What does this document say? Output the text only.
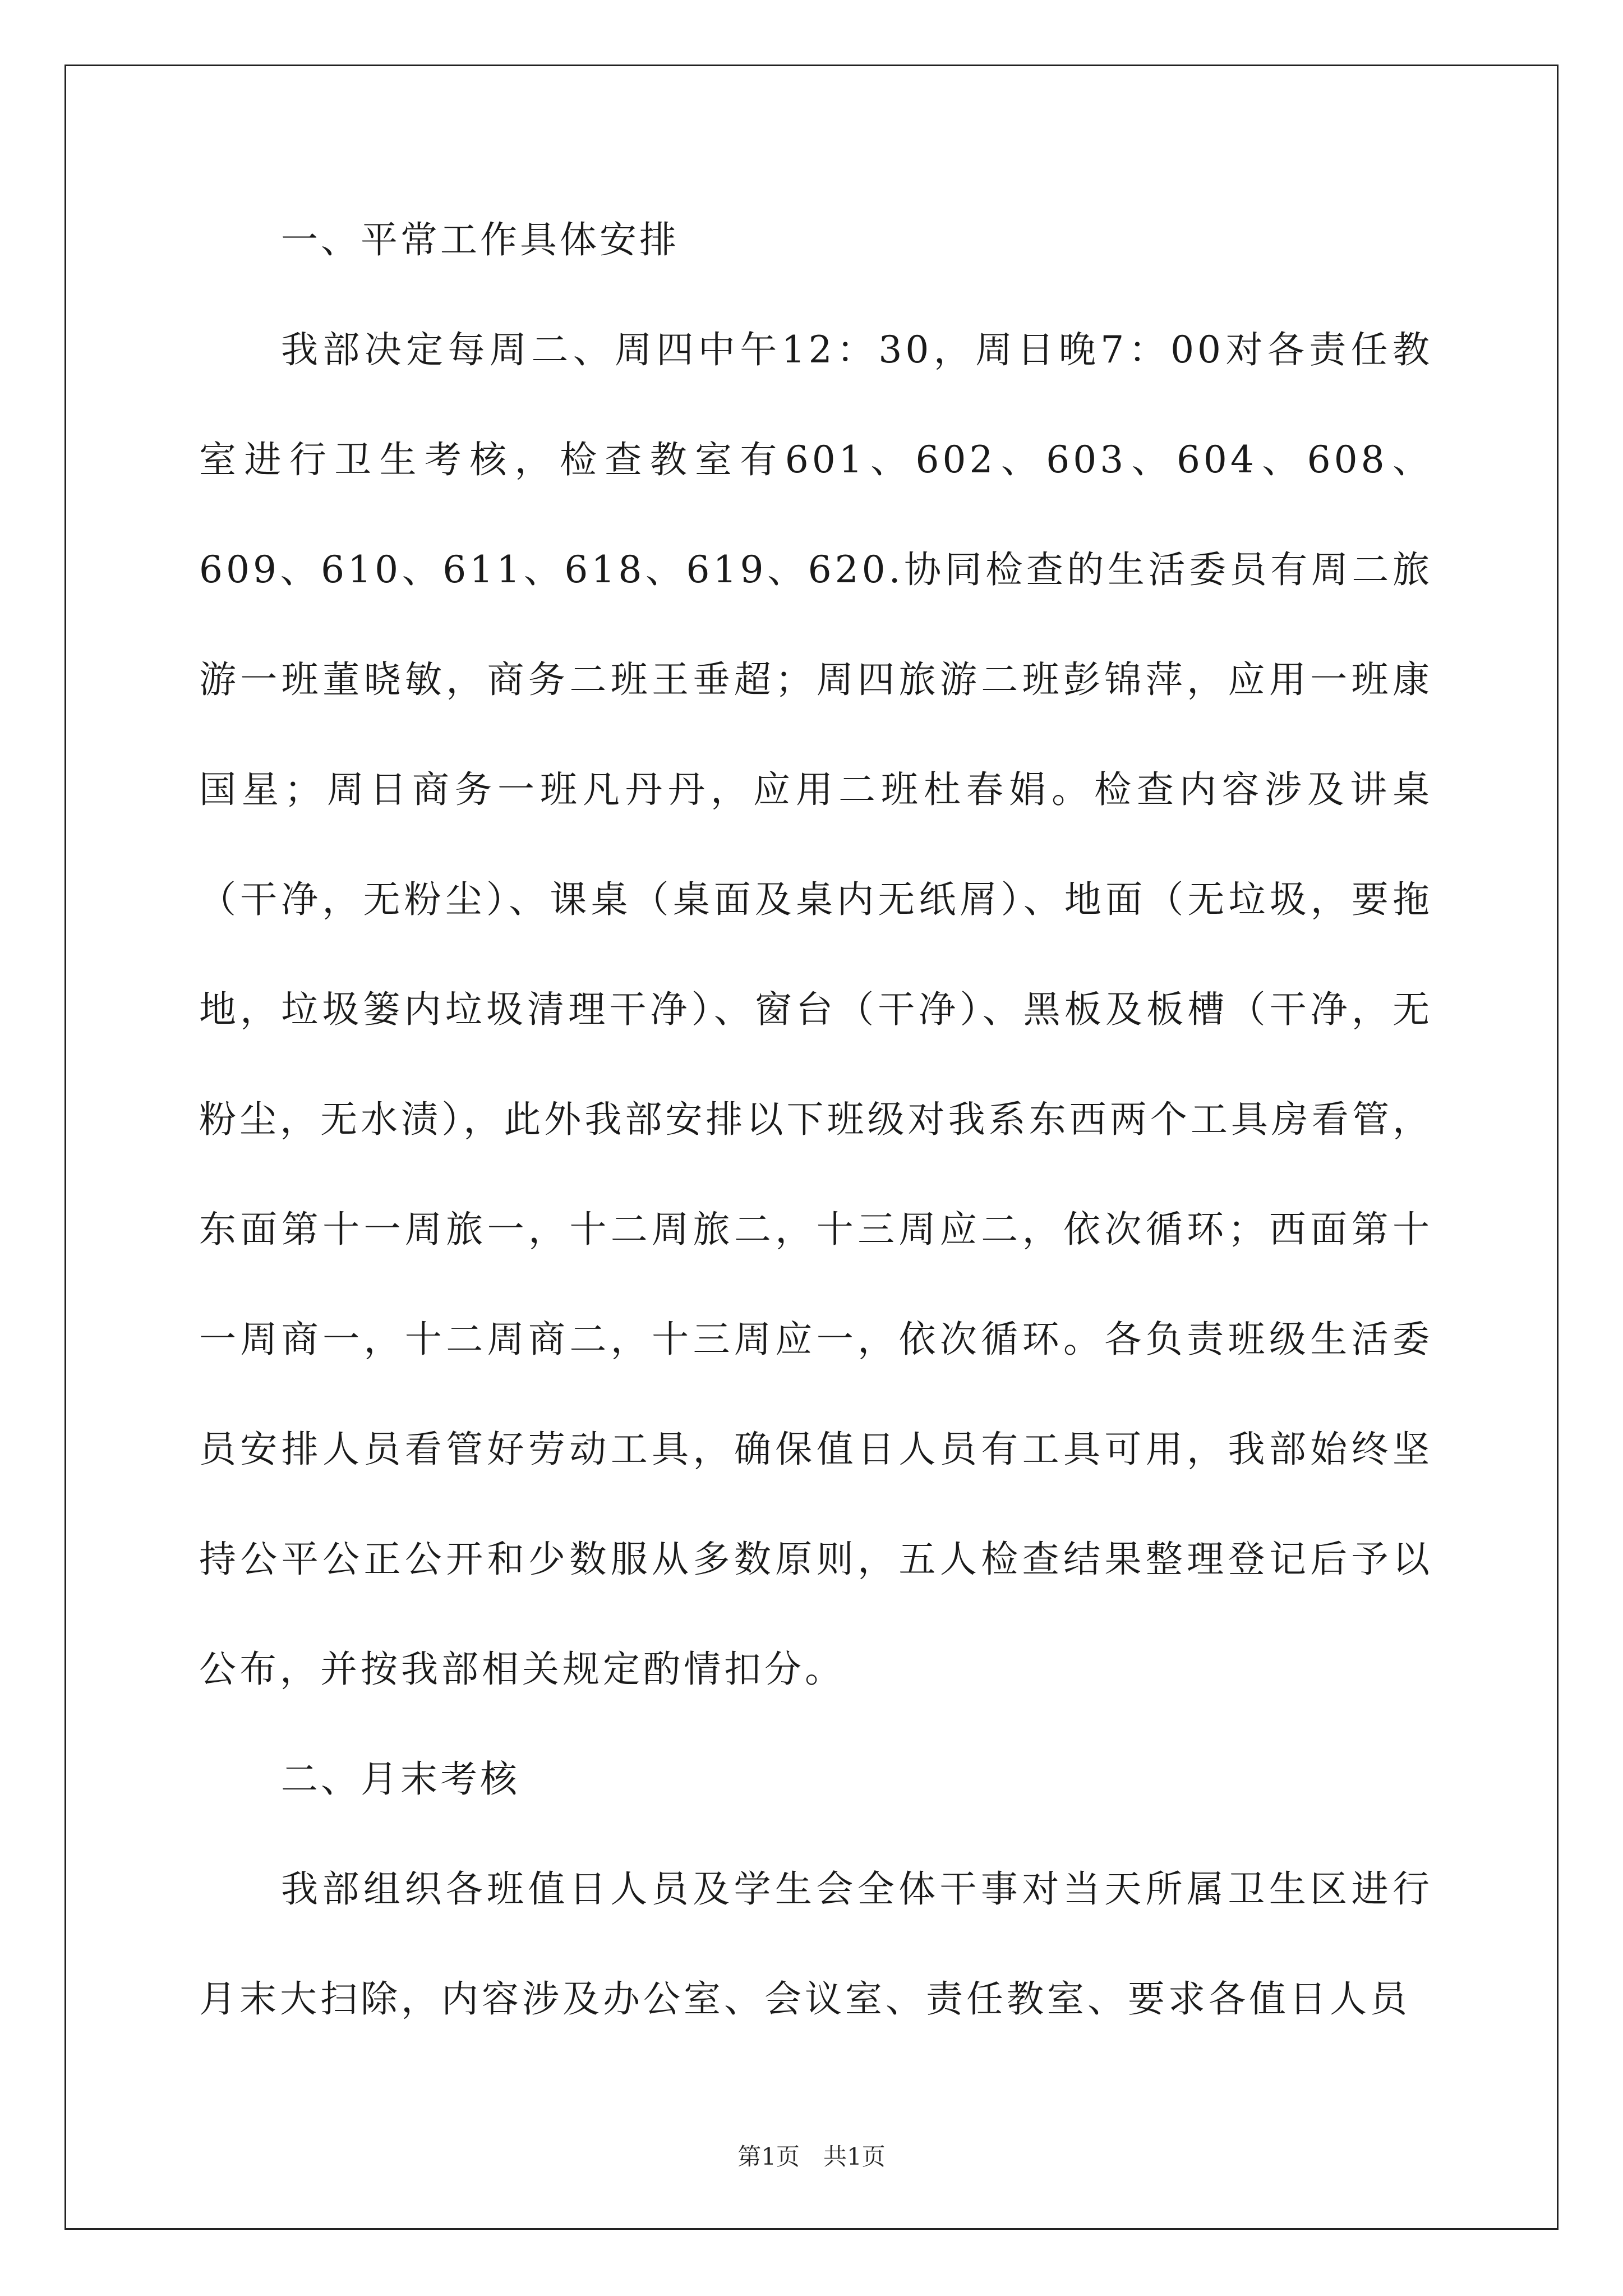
一、平常工作具体安排

我部决定每周二、周四中午12：30，周日晚7：00对各责任教室进行卫生考核，检查教室有601、602、603、604、608、609、610、611、618、619、620.协同检查的生活委员有周二旅游一班董晓敏，商务二班王垂超；周四旅游二班彭锦萍，应用一班康国星；周日商务一班凡丹丹，应用二班杜春娟。检查内容涉及讲桌（干净，无粉尘）、课桌（桌面及桌内无纸屑）、地面（无垃圾，要拖地，垃圾篓内垃圾清理干净）、窗台（干净）、黑板及板槽（干净，无粉尘，无水渍），此外我部安排以下班级对我系东西两个工具房看管，东面第十一周旅一，十二周旅二，十三周应二，依次循环；西面第十一周商一，十二周商二，十三周应一，依次循环。各负责班级生活委员安排人员看管好劳动工具，确保值日人员有工具可用，我部始终坚持公平公正公开和少数服从多数原则，五人检查结果整理登记后予以公布，并按我部相关规定酌情扣分。

二、月末考核

我部组织各班值日人员及学生会全体干事对当天所属卫生区进行月末大扫除，内容涉及办公室、会议室、责任教室、要求各值日人员

第1页　共1页
